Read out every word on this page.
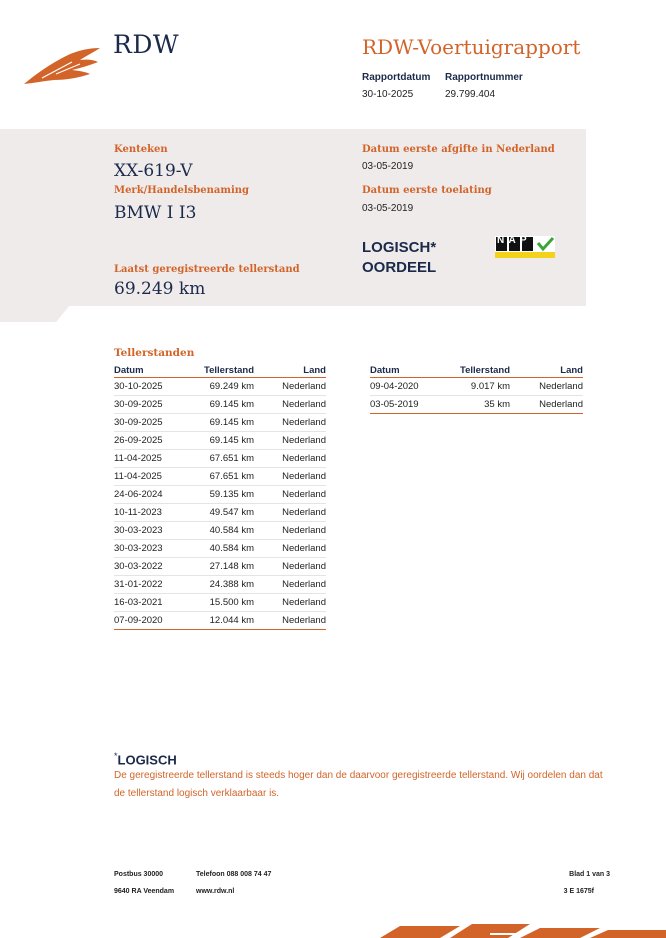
RDW	RDW-Voertuigrapport
Rapportdatum
30-10-2025
Rapportnummer
29.799.404
Kenteken
XX-619-V
Merk/Handelsbenaming
BMW I I3
Laatst geregistreerde tellerstand
69.249 km
Datum eerste afgifte in Nederland
03-05-2019
Datum eerste toelating
03-05-2019
LOGISCH*
OORDEEL
NAP
Tellerstanden
Datum	Tellerstand	Land
30-10-2025	69.249 km	Nederland
30-09-2025	69.145 km	Nederland
30-09-2025	69.145 km	Nederland
26-09-2025	69.145 km	Nederland
11-04-2025	67.651 km	Nederland
11-04-2025	67.651 km	Nederland
24-06-2024	59.135 km	Nederland
10-11-2023	49.547 km	Nederland
30-03-2023	40.584 km	Nederland
30-03-2023	40.584 km	Nederland
30-03-2022	27.148 km	Nederland
31-01-2022	24.388 km	Nederland
16-03-2021	15.500 km	Nederland
07-09-2020	12.044 km	Nederland
Datum	Tellerstand	Land
09-04-2020	9.017 km	Nederland
03-05-2019	35 km	Nederland
*LOGISCH
De geregistreerde tellerstand is steeds hoger dan de daarvoor geregistreerde tellerstand. Wij oordelen dan dat de tellerstand logisch verklaarbaar is.
Postbus 30000
9640 RA Veendam
Telefoon 088 008 74 47
www.rdw.nl
Blad 1 van 3
3 E 1675f
